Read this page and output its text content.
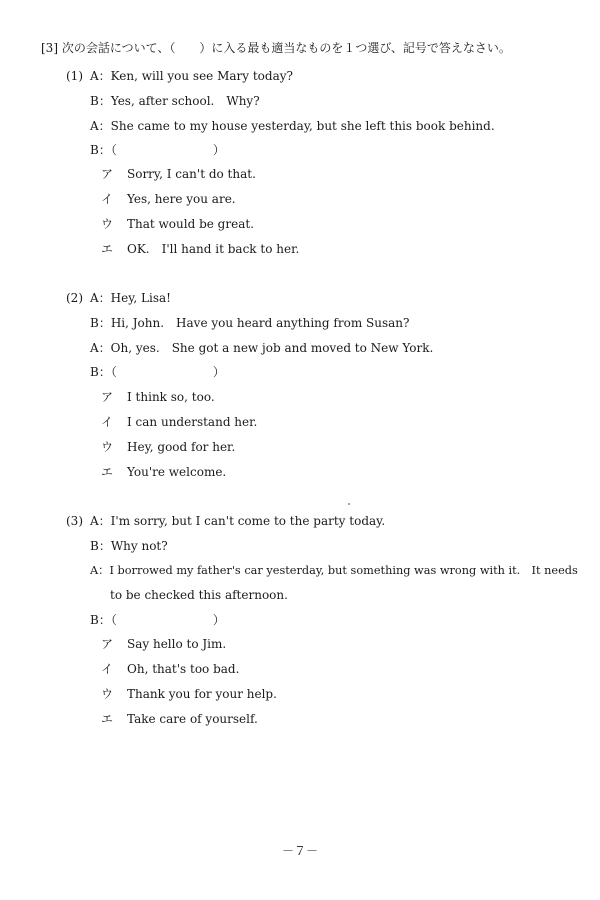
[3] 次の会話について、（　　）に入る最も適当なものを１つ選び、記号で答えなさい。
(1) A：Ken, will you see Mary today?
B：Yes, after school.　Why?
A：She came to my house yesterday, but she left this book behind.
B：（　　　　　　　　）
ア Sorry, I can't do that.
イ Yes, here you are.
ウ That would be great.
エ OK.　I'll hand it back to her.
(2) A：Hey, Lisa!
B：Hi, John.　Have you heard anything from Susan?
A：Oh, yes.　She got a new job and moved to New York.
B：（　　　　　　　　）
ア I think so, too.
イ I can understand her.
ウ Hey, good for her.
エ You're welcome.
(3) A：I'm sorry, but I can't come to the party today.
B：Why not?
A：I borrowed my father's car yesterday, but something was wrong with it.　It needs
to be checked this afternoon.
B：（　　　　　　　　）
ア Say hello to Jim.
イ Oh, that's too bad.
ウ Thank you for your help.
エ Take care of yourself.
－７－
